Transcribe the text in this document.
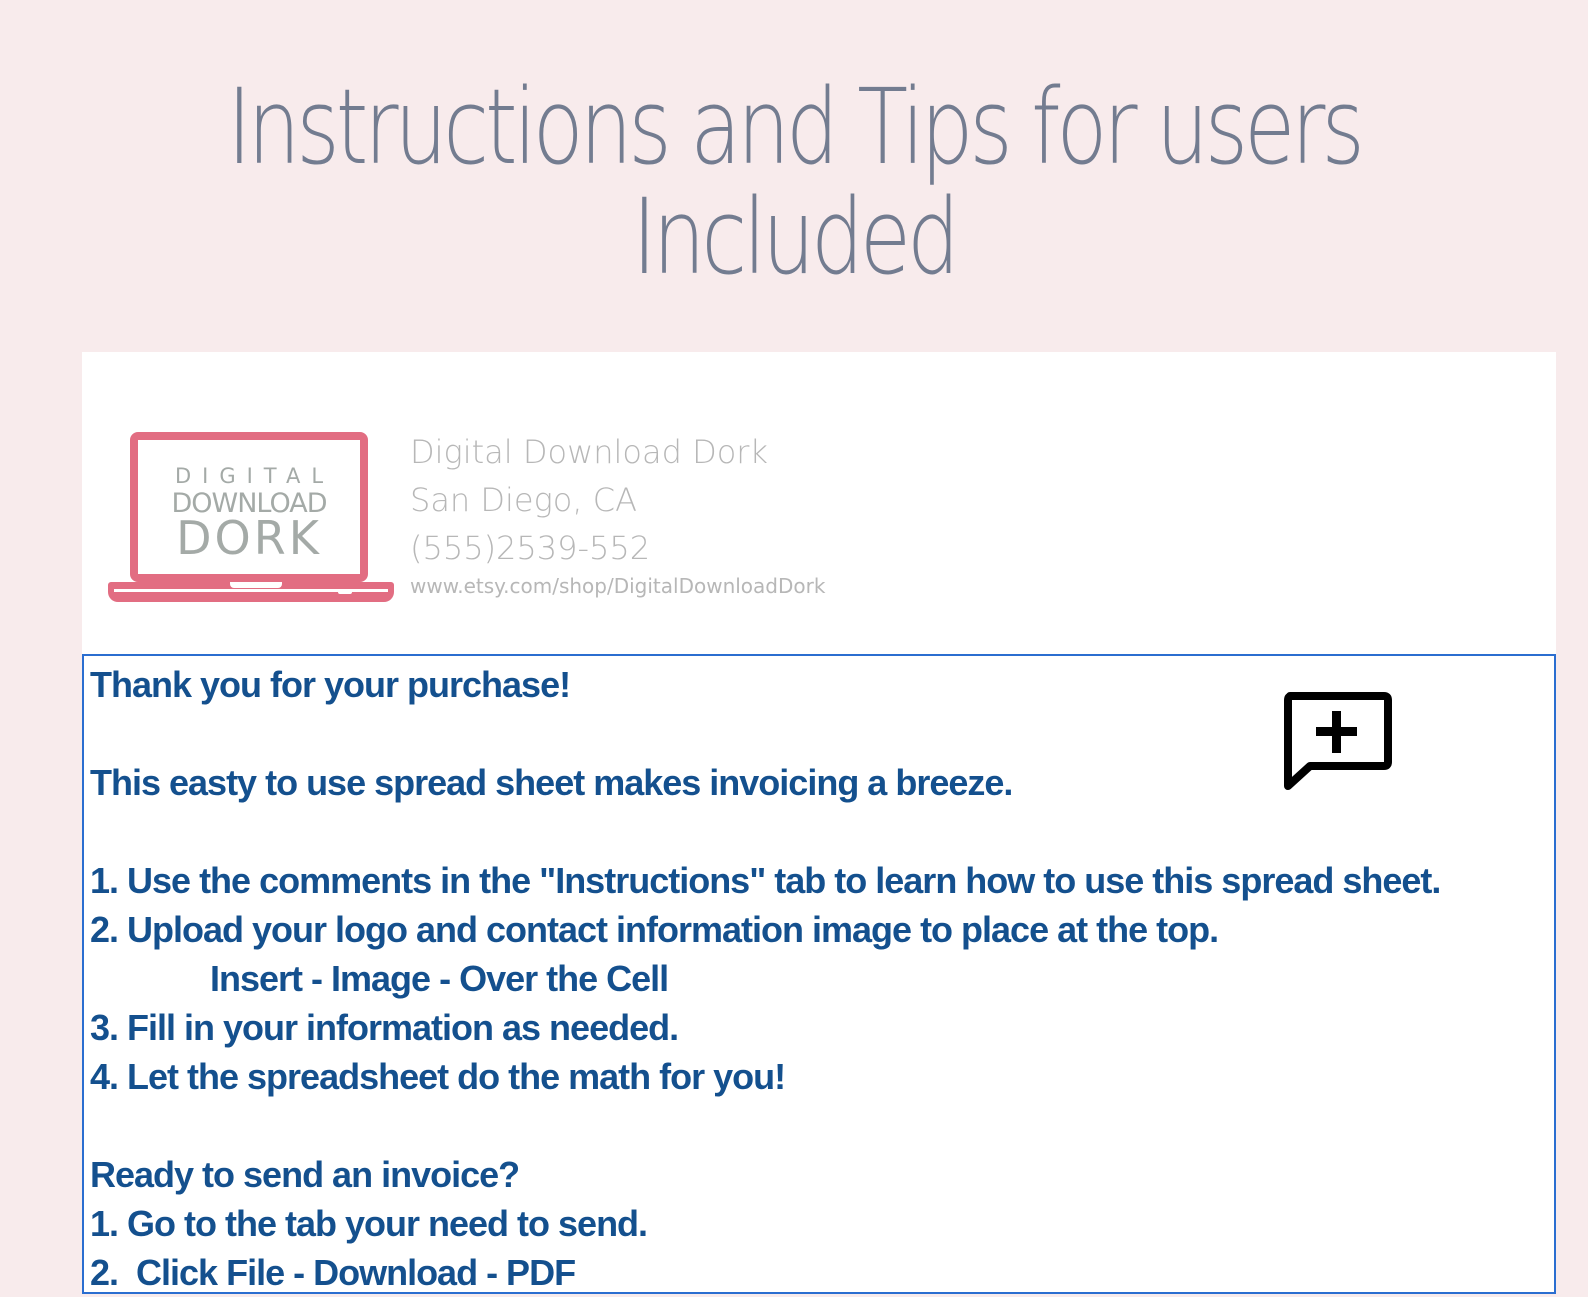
Instructions and Tips for users
Included
DIGITAL
DOWNLOAD
DORK
Digital Download Dork
San Diego, CA
(555)2539-552
www.etsy.com/shop/DigitalDownloadDork
Thank you for your purchase!
This easty to use spread sheet makes invoicing a breeze.
1. Use the comments in the "Instructions" tab to learn how to use this spread sheet.
2. Upload your logo and contact information image to place at the top.
Insert - Image - Over the Cell
3. Fill in your information as needed.
4. Let the spreadsheet do the math for you!
Ready to send an invoice?
1. Go to the tab your need to send.
2.  Click File - Download - PDF
